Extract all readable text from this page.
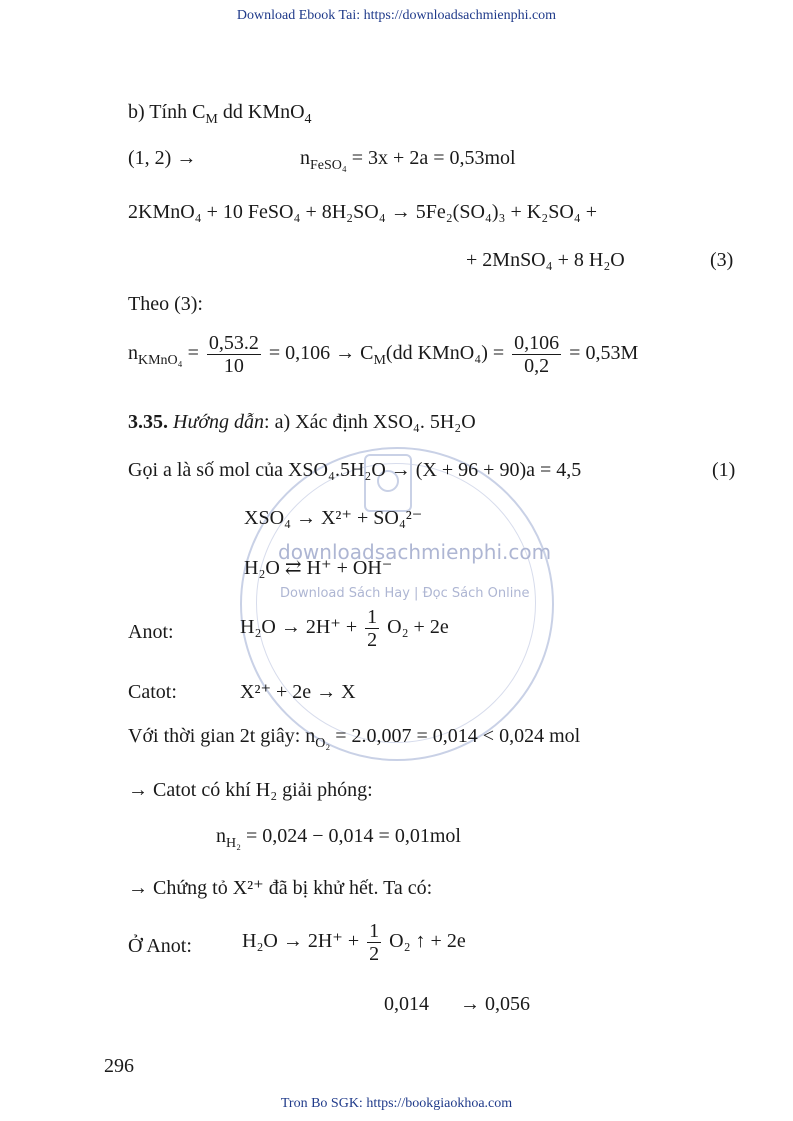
Download Ebook Tai: https://downloadsachmienphi.com
Tron Bo SGK: https://bookgiaokhoa.com
downloadsachmienphi.com
Download Sách Hay | Đọc Sách Online
b) Tính $C_M$ dd KMnO$_4$
(1, 2) →	$n_{FeSO_4} = 3x + 2a = 0,53mol$
2KMnO₄ + 10 FeSO₄ + 8H₂SO₄ → 5Fe₂(SO₄)₃ + K₂SO₄ +
+ 2MnSO₄ + 8 H₂O	(3)
Theo (3):
$n_{KMnO_4} = \frac{0,53.2}{10} = 0,106 \to C_M(dd$ KMnO₄) = $\frac{0,106}{0,2} = 0,53M$
3.35. Hướng dẫn: a) Xác định XSO₄. 5H₂O
Gọi a là số mol của XSO₄.5H₂O → (X + 96 + 90)a = 4,5	(1)
XSO₄ → X²⁺ + SO₄²⁻
H₂O ⇄ H⁺ + OH⁻
Anot:	$H_2O \to 2H^+ + \frac{1}{2} O_2 + 2e$
Catot:	X²⁺ + 2e → X
Với thời gian 2t giây: $n_{O_2} = 2.0,007 = 0,014 < 0,024$ mol
→ Catot có khí H₂ giải phóng:
$n_{H_2} = 0,024 - 0,014 = 0,01mol$
→ Chứng tỏ X²⁺ đã bị khử hết. Ta có:
Ở Anot:	$H_2O \to 2H^+ + \frac{1}{2} O_2$ ↑ + 2e
0,014 → 0,056
296
